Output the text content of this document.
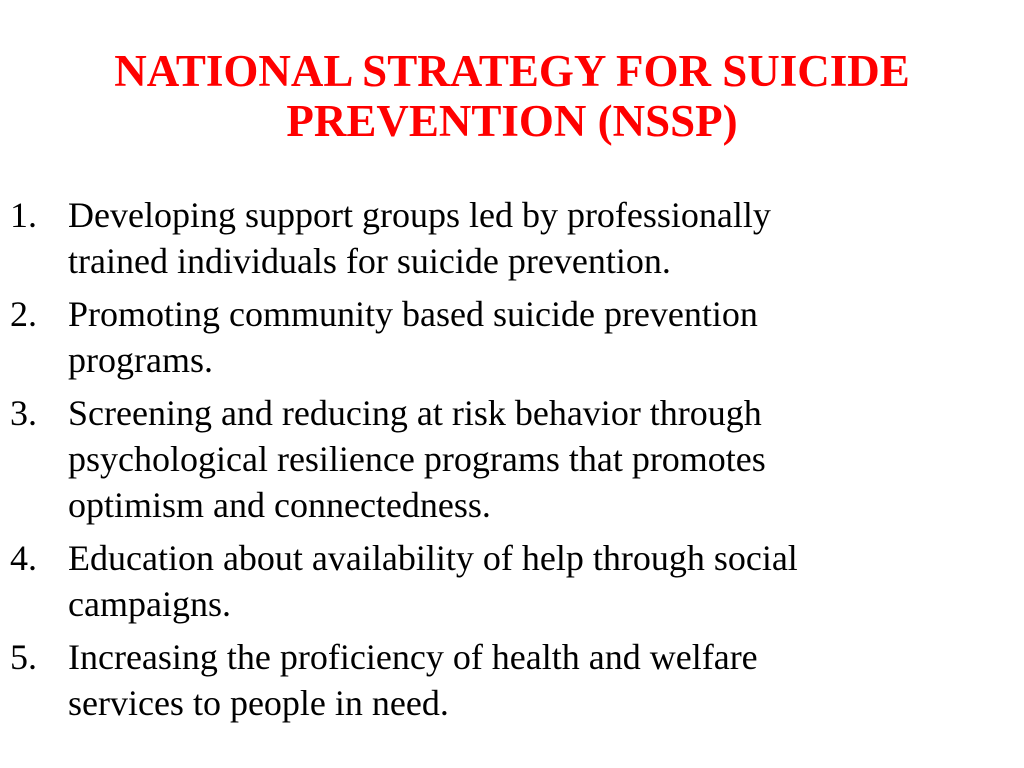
NATIONAL STRATEGY FOR SUICIDE
PREVENTION (NSSP)
1. Developing support groups led by professionally
trained individuals for suicide prevention.
2. Promoting community based suicide prevention
programs.
3. Screening and reducing at risk behavior through
psychological resilience programs that promotes
optimism and connectedness.
4. Education about availability of help through social
campaigns.
5. Increasing the proficiency of health and welfare
services to people in need.
